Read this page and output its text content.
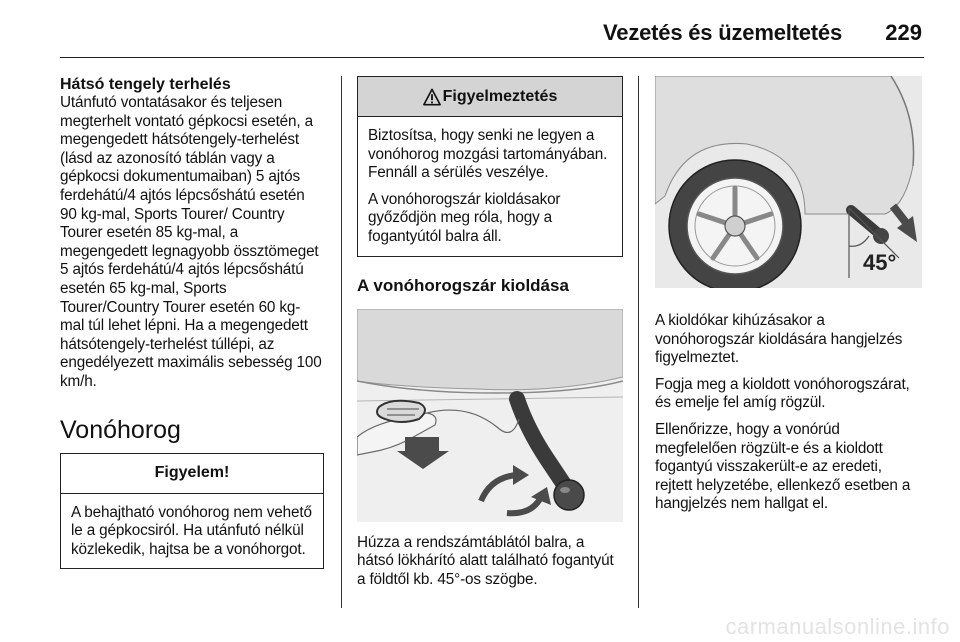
Vezetés és üzemeltetés 229
Hátsó tengely terhelés
Utánfutó vontatásakor és teljesen megterhelt vontató gépkocsi esetén, a megengedett hátsótengely-terhelést (lásd az azonosító táblán vagy a gépkocsi dokumentumaiban) 5 ajtós ferdehátú/4 ajtós lépcsőshátú esetén 90 kg-mal, Sports Tourer/ Country Tourer esetén 85 kg-mal, a megengedett legnagyobb össztömeget 5 ajtós ferdehátú/4 ajtós lépcsőshátú esetén 65 kg-mal, Sports Tourer/Country Tourer esetén 60 kg-mal túl lehet lépni. Ha a megengedett hátsótengely-terhelést túllépi, az engedélyezett maximális sebesség 100 km/h.
Vonóhorog
Figyelem!
A behajtható vonóhorog nem vehető le a gépkocsiról. Ha utánfutó nélkül közlekedik, hajtsa be a vonóhorgot.
Figyelmeztetés
Biztosítsa, hogy senki ne legyen a vonóhorog mozgási tartományában. Fennáll a sérülés veszélye.
A vonóhorogszár kioldásakor győződjön meg róla, hogy a fogantyútól balra áll.
A vonóhorogszár kioldása
Húzza a rendszámtáblától balra, a hátsó lökhárító alatt található fogantyút a földtől kb. 45°-os szögbe.
45°
A kioldókar kihúzásakor a vonóhorogszár kioldására hangjelzés figyelmeztet.
Fogja meg a kioldott vonóhorogszárat, és emelje fel amíg rögzül.
Ellenőrizze, hogy a vonórúd megfelelően rögzült-e és a kioldott fogantyú visszakerült-e az eredeti, rejtett helyzetébe, ellenkező esetben a hangjelzés nem hallgat el.
carmanualsonline.info
